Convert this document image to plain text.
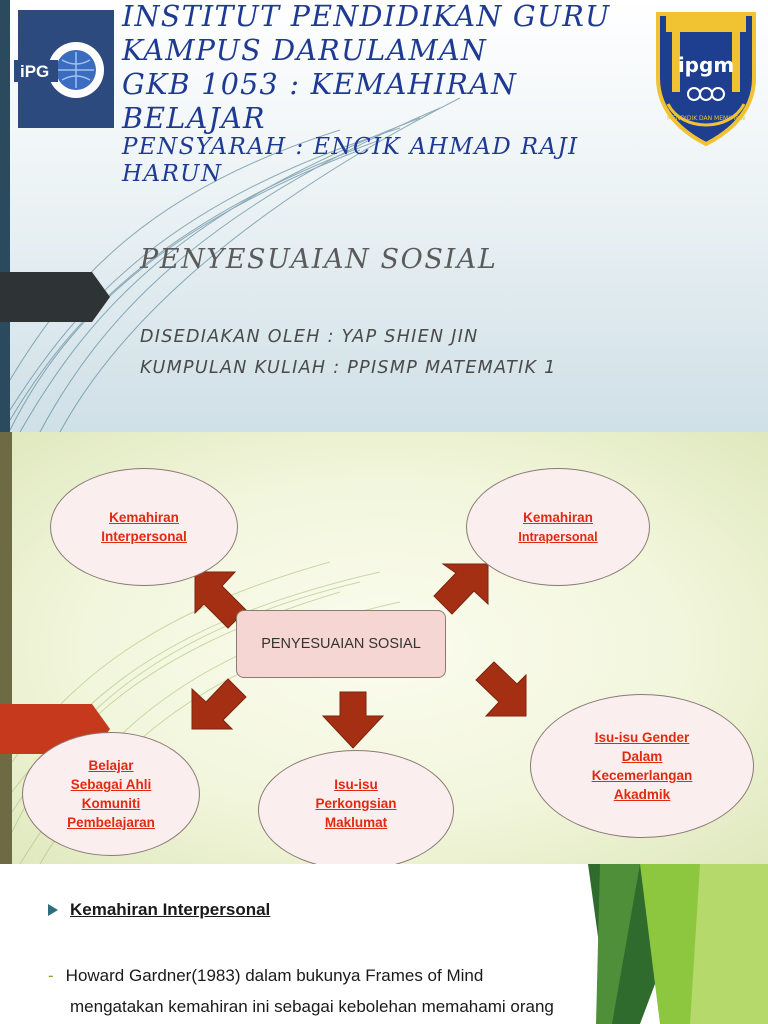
iPG	ipgm
MENDIDIK DAN MEMIMPIN
INSTITUT PENDIDIKAN GURU
KAMPUS DARULAMAN
GKB 1053 : KEMAHIRAN
BELAJAR
PENSYARAH : ENCIK AHMAD RAJI
HARUN
PENYESUAIAN SOSIAL
DISEDIAKAN OLEH : YAP SHIEN JIN
KUMPULAN KULIAH : PPISMP MATEMATIK 1
Kemahiran
Interpersonal
Kemahiran
Intrapersonal
Belajar
Sebagai Ahli
Komuniti
Pembelajaran
Isu-isu
Perkongsian
Maklumat
Isu-isu Gender
Dalam
Kecemerlangan
Akadmik
PENYESUAIAN SOSIAL
Kemahiran Interpersonal
- Howard Gardner(1983) dalam bukunya Frames of Mind
mengatakan kemahiran ini sebagai kebolehan memahami orang
